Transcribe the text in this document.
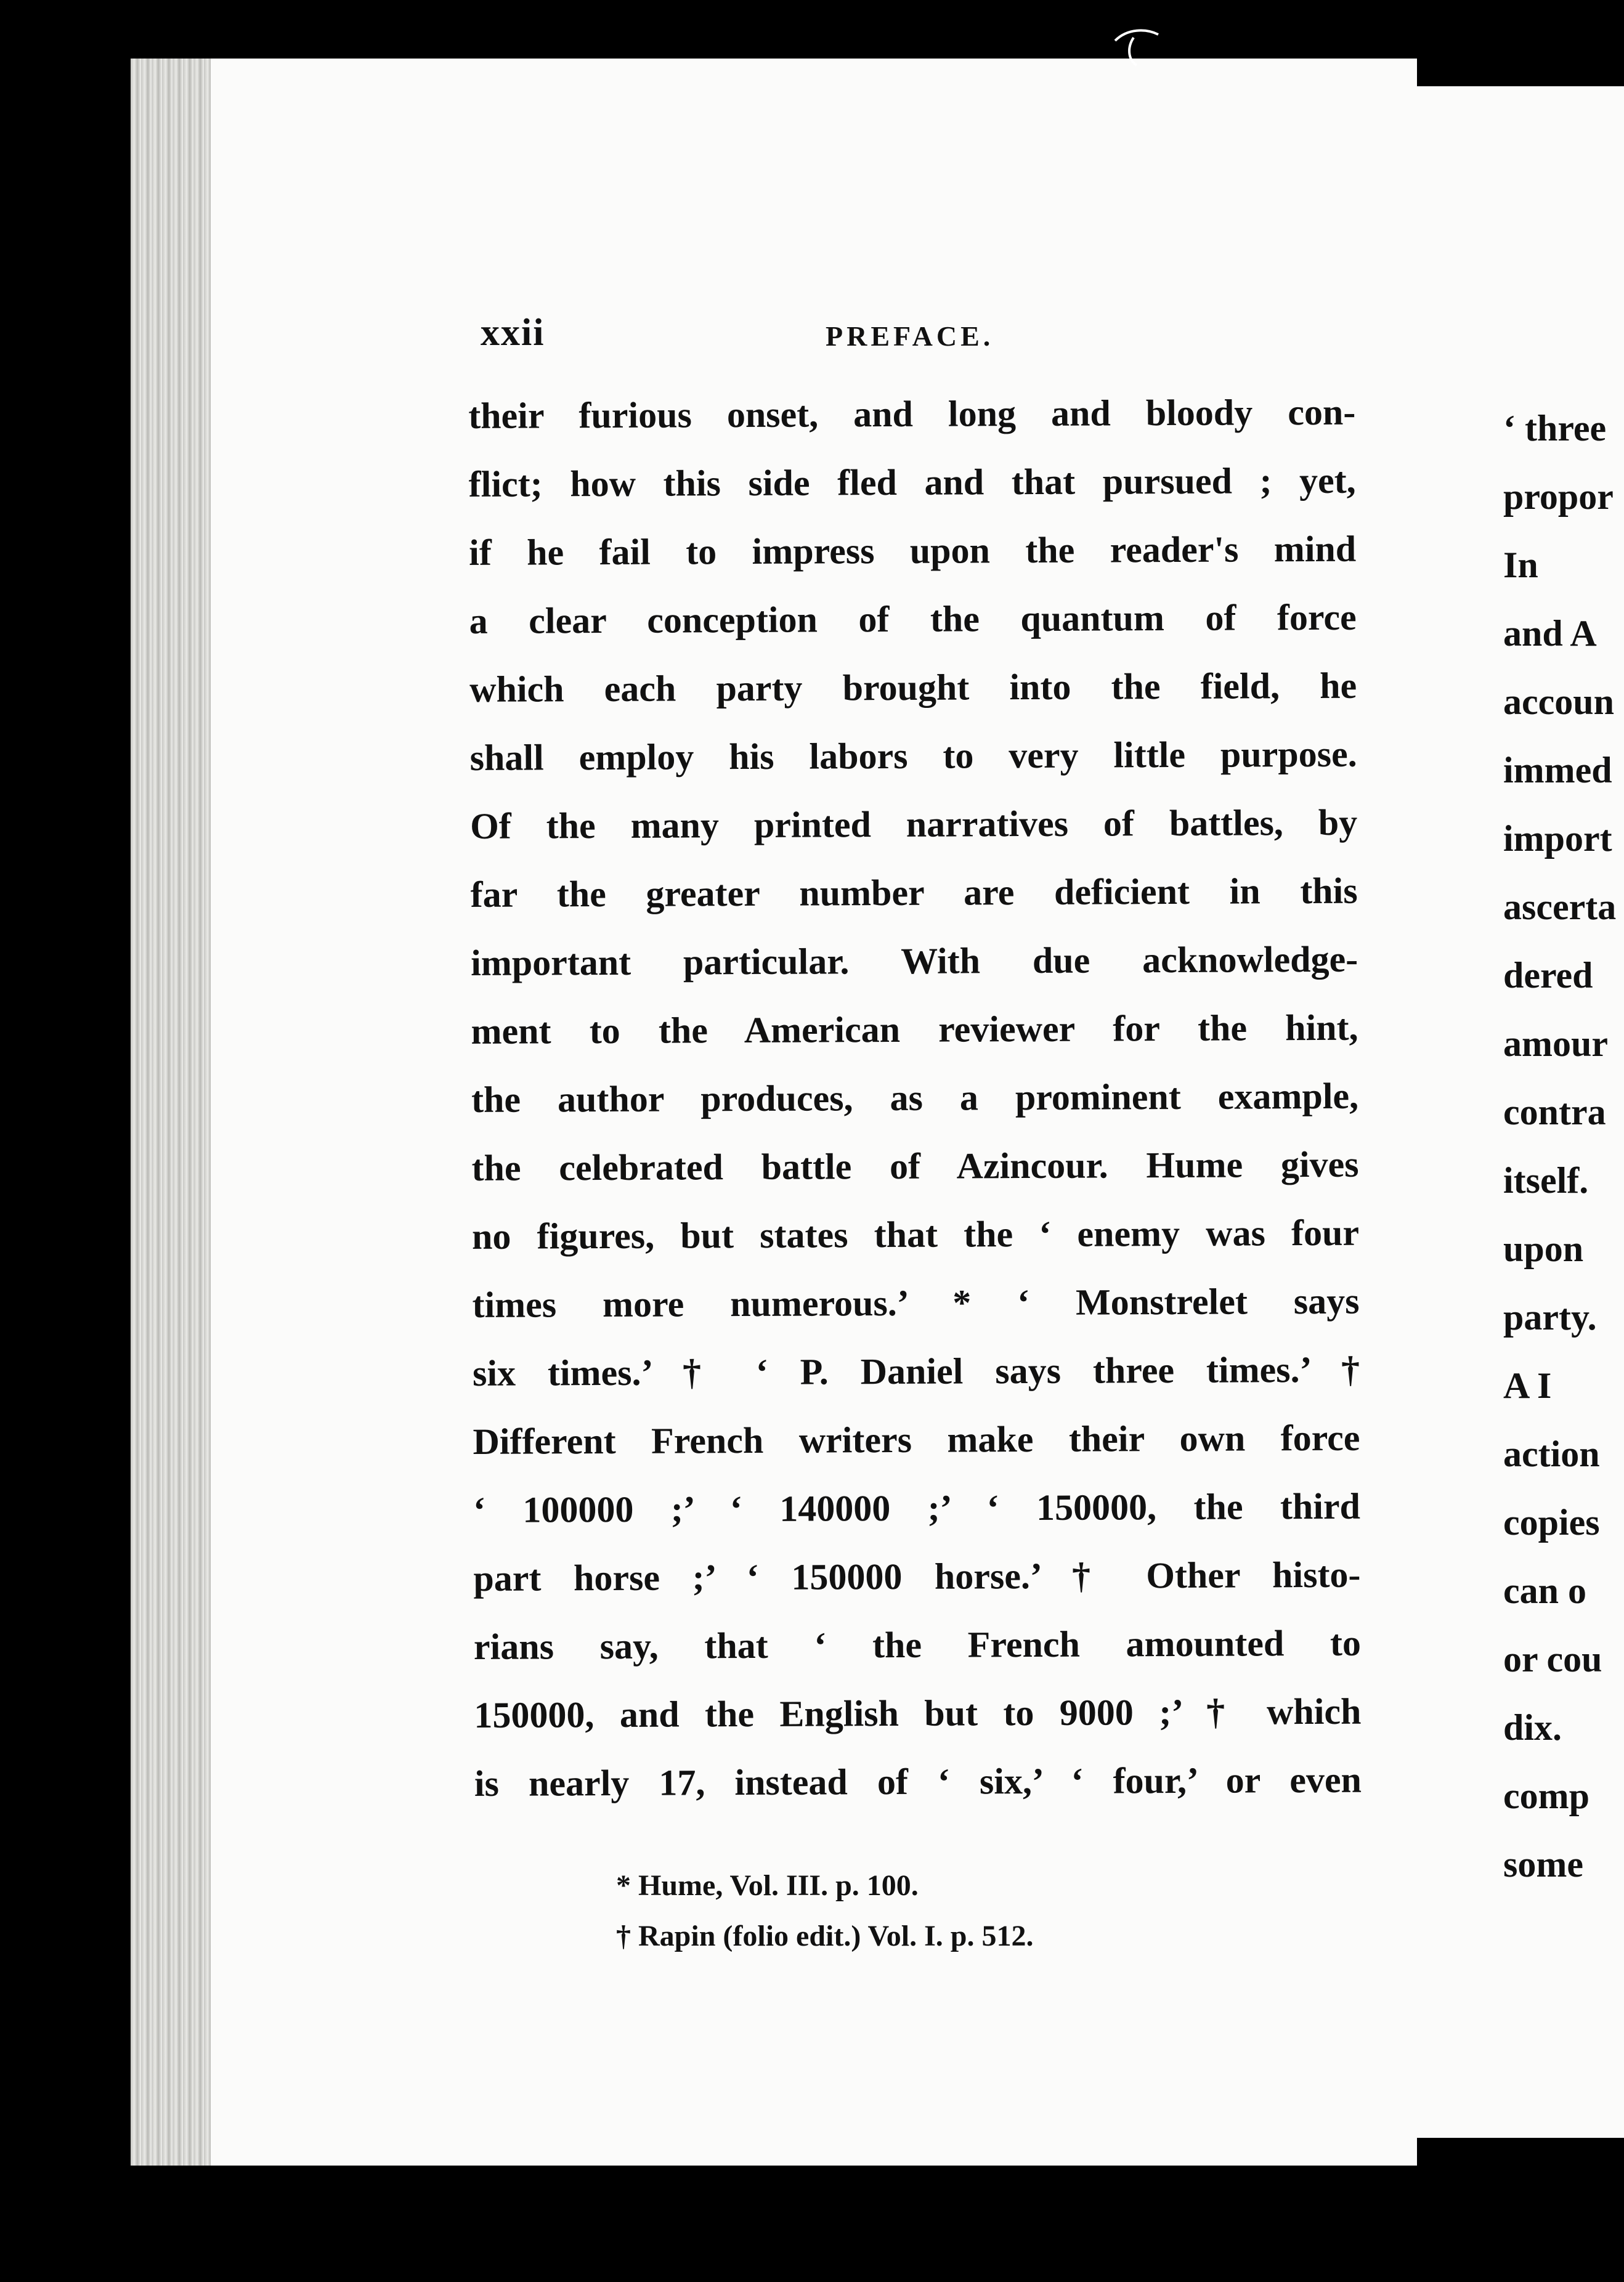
xxii	PREFACE.
their furious onset, and long and bloody con-
flict; how this side fled and that pursued ; yet,
if he fail to impress upon the reader's mind
a clear conception of the quantum of force
which each party brought into the field, he
shall employ his labors to very little purpose.
Of the many printed narratives of battles, by
far the greater number are deficient in this
important particular. With due acknowledge-
ment to the American reviewer for the hint,
the author produces, as a prominent example,
the celebrated battle of Azincour. Hume gives
no figures, but states that the ‘ enemy was four
times more numerous.’ * ‘ Monstrelet says
six times.’ † ‘ P. Daniel says three times.’ †
Different French writers make their own force
‘ 100000 ;’ ‘ 140000 ;’ ‘ 150000, the third
part horse ;’ ‘ 150000 horse.’ † Other histo-
rians say, that ‘ the French amounted to
150000, and the English but to 9000 ;’ † which
is nearly 17, instead of ‘ six,’ ‘ four,’ or even
* Hume, Vol. III. p. 100.
† Rapin (folio edit.) Vol. I. p. 512.
‘ three
propor
In
and A
accoun
immed
import
ascerta
dered
amour
contra
itself.
upon
party.
A I
action
copies
can o
or cou
dix.
comp
some
